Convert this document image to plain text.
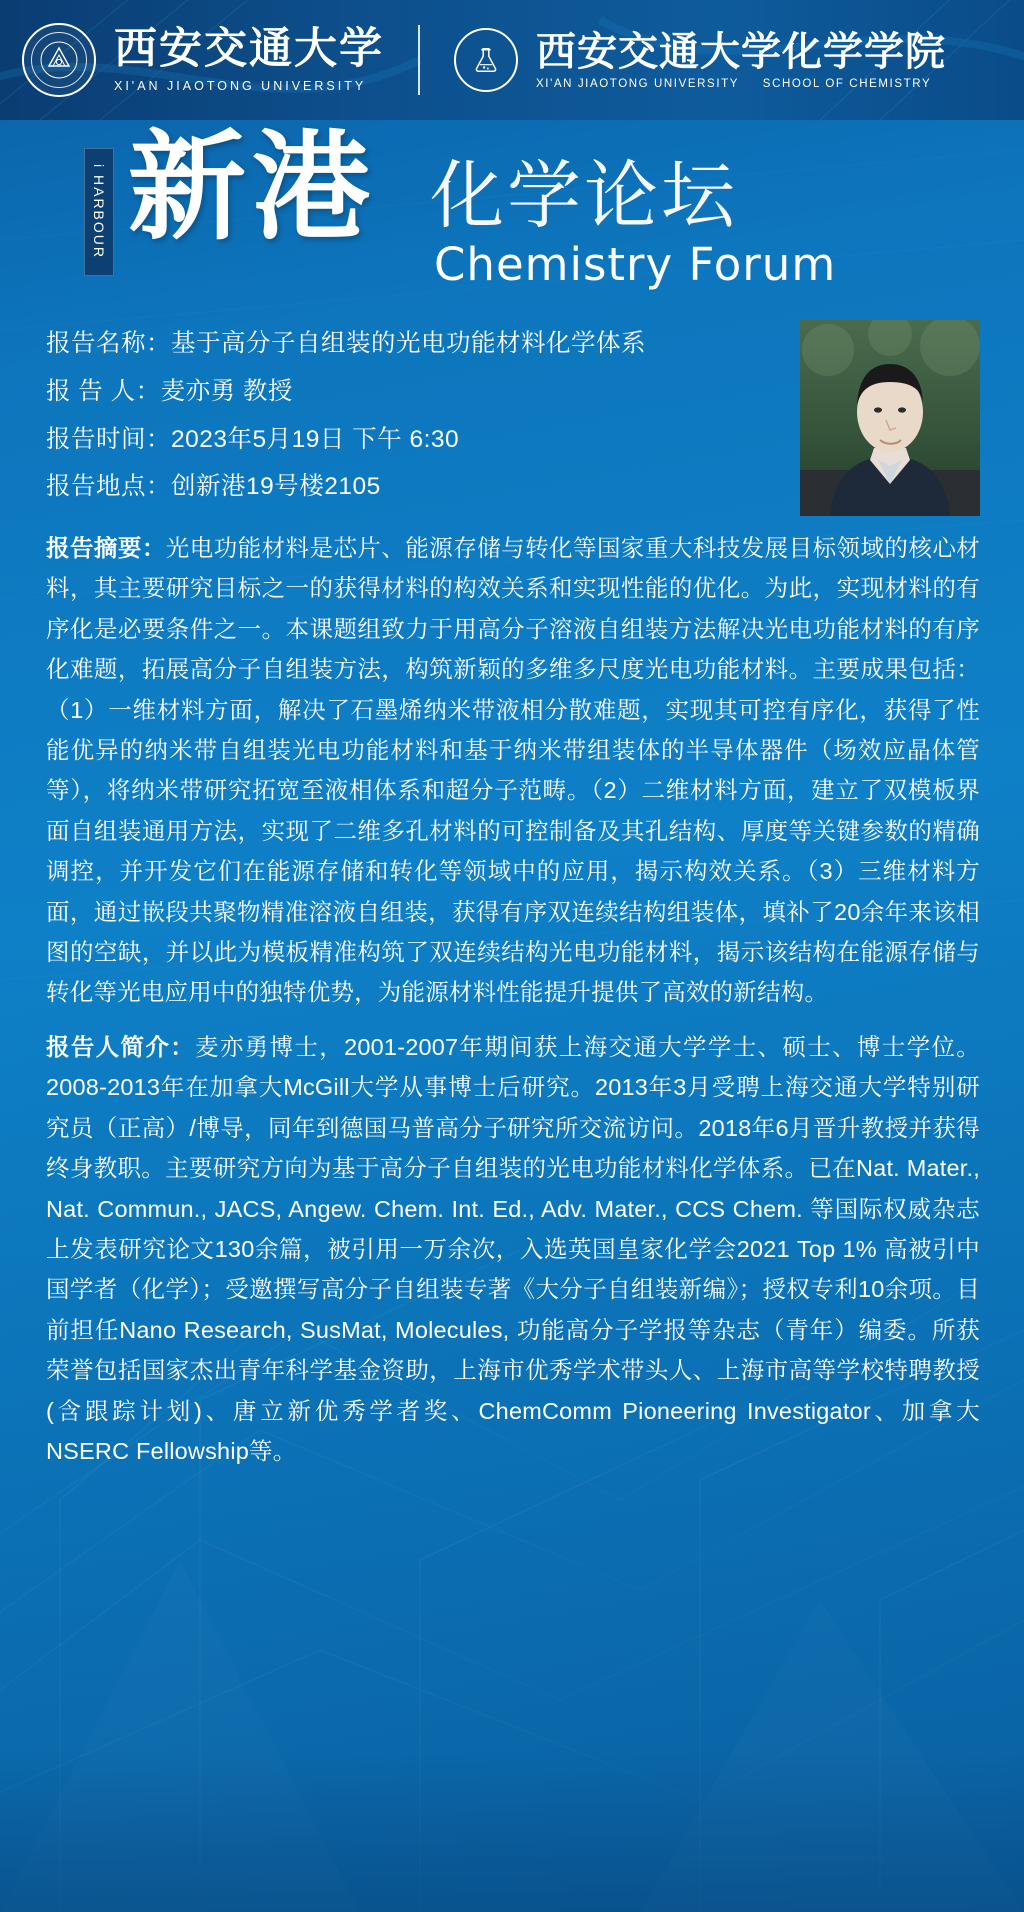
西安交通大学
XI'AN JIAOTONG UNIVERSITY
西安交通大学化学学院
XI'AN JIAOTONG UNIVERSITY SCHOOL OF CHEMISTRY
i HARBOUR 新港 化学论坛
Chemistry Forum
报告名称：基于高分子自组装的光电功能材料化学体系
报 告 人：麦亦勇 教授
报告时间：2023年5月19日 下午 6:30
报告地点：创新港19号楼2105
报告摘要：光电功能材料是芯片、能源存储与转化等国家重大科技发展目标领域的核心材料，其主要研究目标之一的获得材料的构效关系和实现性能的优化。为此，实现材料的有序化是必要条件之一。本课题组致力于用高分子溶液自组装方法解决光电功能材料的有序化难题，拓展高分子自组装方法，构筑新颖的多维多尺度光电功能材料。主要成果包括：（1）一维材料方面，解决了石墨烯纳米带液相分散难题，实现其可控有序化，获得了性能优异的纳米带自组装光电功能材料和基于纳米带组装体的半导体器件（场效应晶体管等），将纳米带研究拓宽至液相体系和超分子范畴。（2）二维材料方面，建立了双模板界面自组装通用方法，实现了二维多孔材料的可控制备及其孔结构、厚度等关键参数的精确调控，并开发它们在能源存储和转化等领域中的应用，揭示构效关系。（3）三维材料方面，通过嵌段共聚物精准溶液自组装，获得有序双连续结构组装体，填补了20余年来该相图的空缺，并以此为模板精准构筑了双连续结构光电功能材料，揭示该结构在能源存储与转化等光电应用中的独特优势，为能源材料性能提升提供了高效的新结构。
报告人简介：麦亦勇博士，2001-2007年期间获上海交通大学学士、硕士、博士学位。2008-2013年在加拿大McGill大学从事博士后研究。2013年3月受聘上海交通大学特别研究员（正高）/博导，同年到德国马普高分子研究所交流访问。2018年6月晋升教授并获得终身教职。主要研究方向为基于高分子自组装的光电功能材料化学体系。已在Nat. Mater., Nat. Commun., JACS, Angew. Chem. Int. Ed., Adv. Mater., CCS Chem. 等国际权威杂志上发表研究论文130余篇，被引用一万余次，入选英国皇家化学会2021 Top 1% 高被引中国学者（化学）；受邀撰写高分子自组装专著《大分子自组装新编》；授权专利10余项。目前担任Nano Research, SusMat, Molecules, 功能高分子学报等杂志（青年）编委。所获荣誉包括国家杰出青年科学基金资助，上海市优秀学术带头人、上海市高等学校特聘教授(含跟踪计划)、唐立新优秀学者奖、ChemComm Pioneering Investigator、加拿大NSERC Fellowship等。
